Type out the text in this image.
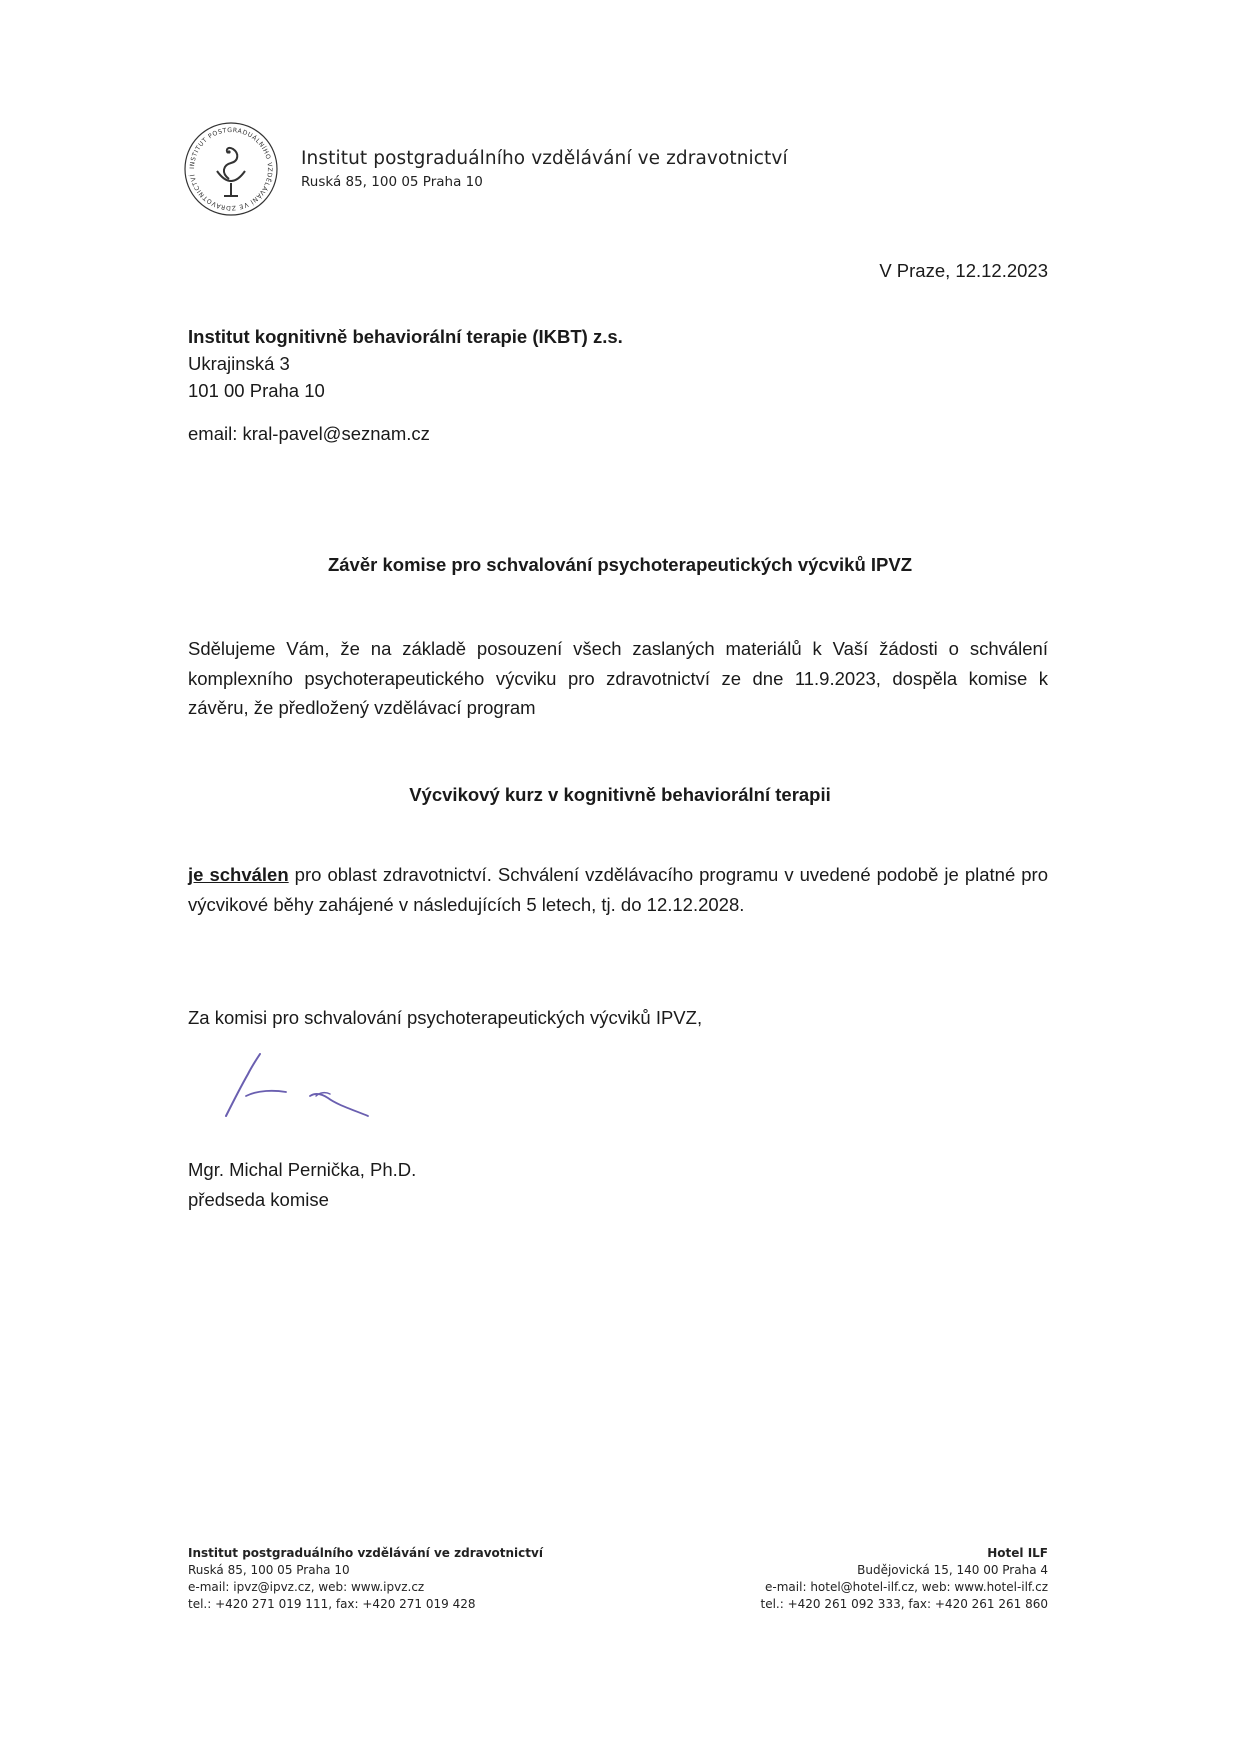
INSTITUT POSTGRADUÁLNÍHO VZDĚLÁVÁNÍ VE ZDRAVOTNICTVÍ
Institut postgraduálního vzdělávání ve zdravotnictví
Ruská 85, 100 05 Praha 10
V Praze, 12.12.2023
Institut kognitivně behaviorální terapie (IKBT) z.s.
Ukrajinská 3
101 00 Praha 10
email: kral-pavel@seznam.cz
Závěr komise pro schvalování psychoterapeutických výcviků IPVZ
Sdělujeme Vám, že na základě posouzení všech zaslaných materiálů k Vaší žádosti o schválení komplexního psychoterapeutického výcviku pro zdravotnictví ze dne 11.9.2023, dospěla komise k závěru, že předložený vzdělávací program
Výcvikový kurz v kognitivně behaviorální terapii
je schválen pro oblast zdravotnictví. Schválení vzdělávacího programu v uvedené podobě je platné pro výcvikové běhy zahájené v následujících 5 letech, tj. do 12.12.2028.
Za komisi pro schvalování psychoterapeutických výcviků IPVZ,
Mgr. Michal Pernička, Ph.D.
předseda komise
Institut postgraduálního vzdělávání ve zdravotnictví
Ruská 85, 100 05 Praha 10
e-mail: ipvz@ipvz.cz, web: www.ipvz.cz
tel.: +420 271 019 111, fax: +420 271 019 428
Hotel ILF
Budějovická 15, 140 00 Praha 4
e-mail: hotel@hotel-ilf.cz, web: www.hotel-ilf.cz
tel.: +420 261 092 333, fax: +420 261 261 860
